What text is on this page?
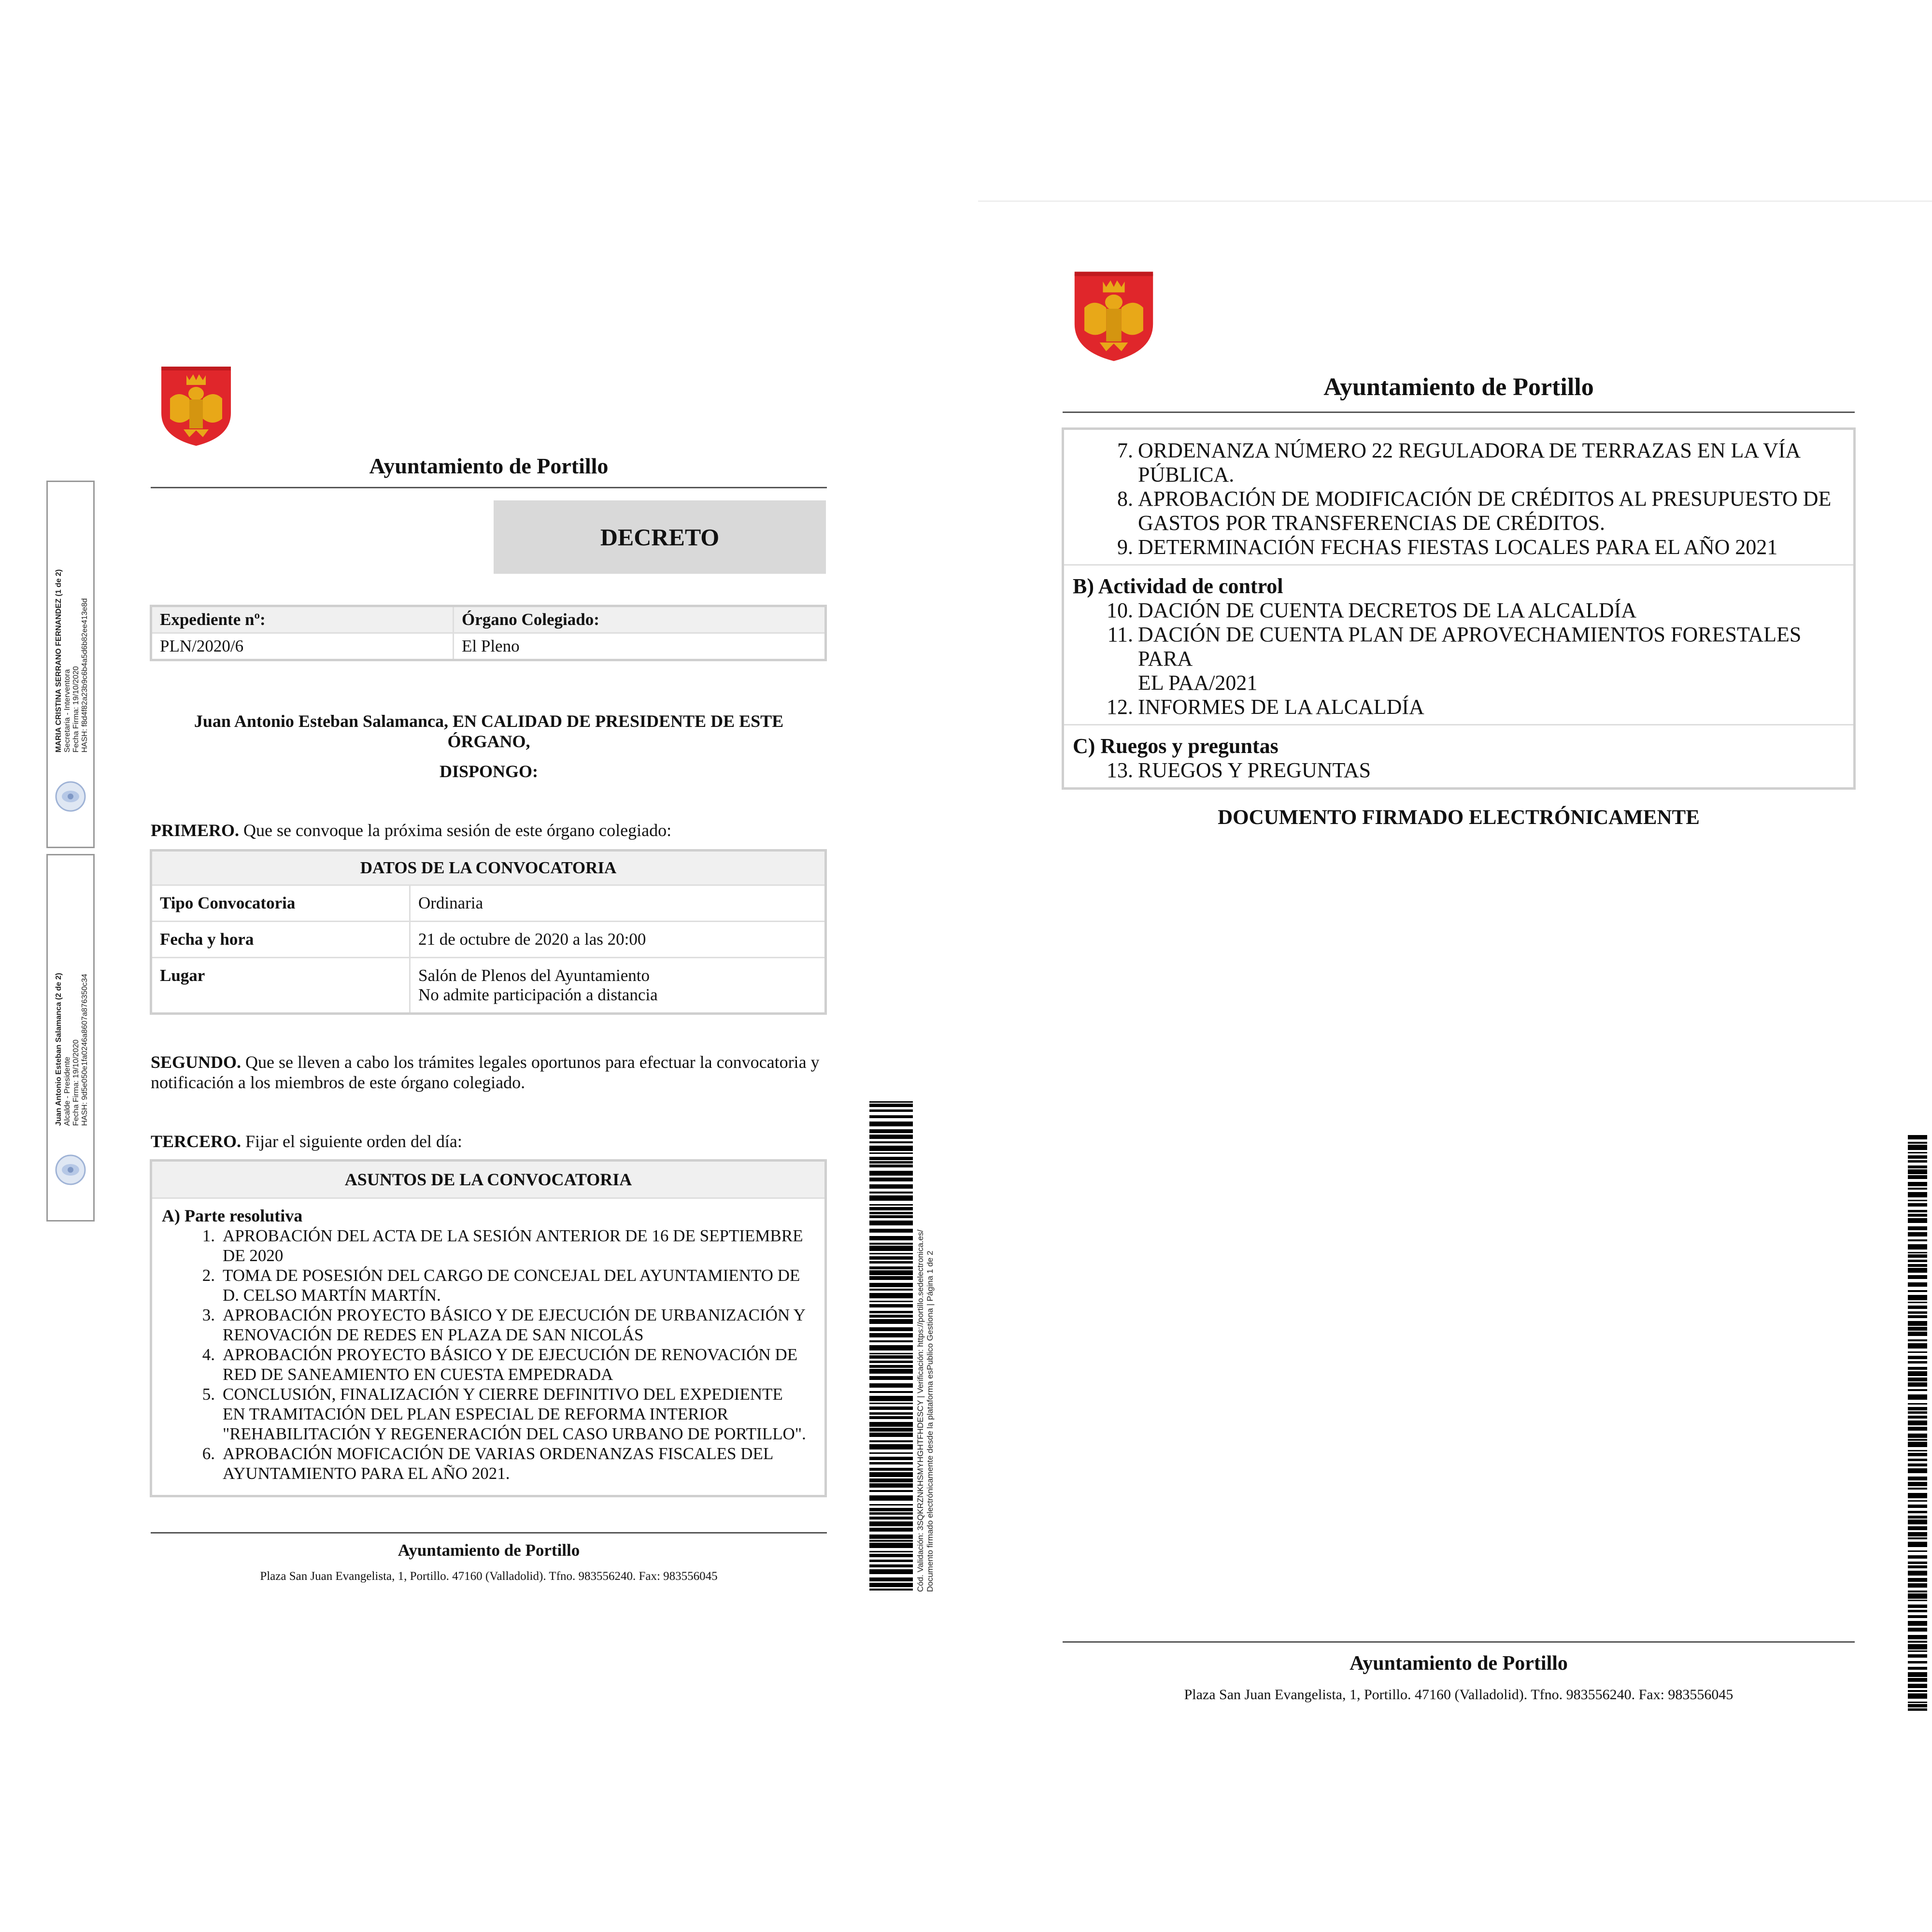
Ayuntamiento de Portillo
DECRETO
Expediente nº:	Órgano Colegiado:
PLN/2020/6	El Pleno
Juan Antonio Esteban Salamanca, EN CALIDAD DE PRESIDENTE DE ESTE
ÓRGANO,
DISPONGO:
PRIMERO. Que se convoque la próxima sesión de este órgano colegiado:
DATOS DE LA CONVOCATORIA	
Tipo Convocatoria	Ordinaria
Fecha y hora	21 de octubre de 2020 a las 20:00
Lugar	Salón de Plenos del Ayuntamiento
No admite participación a distancia
SEGUNDO. Que se lleven a cabo los trámites legales oportunos para efectuar la convocatoria y notificación a los miembros de este órgano colegiado.
TERCERO. Fijar el siguiente orden del día:
ASUNTOS DE LA CONVOCATORIA
A) Parte resolutiva
1. APROBACIÓN DEL ACTA DE LA SESIÓN ANTERIOR DE 16 DE SEPTIEMBRE
DE 2020
2. TOMA DE POSESIÓN DEL CARGO DE CONCEJAL DEL AYUNTAMIENTO DE
D. CELSO MARTÍN MARTÍN.
3. APROBACIÓN PROYECTO BÁSICO Y DE EJECUCIÓN DE URBANIZACIÓN Y
RENOVACIÓN DE REDES EN PLAZA DE SAN NICOLÁS
4. APROBACIÓN PROYECTO BÁSICO Y DE EJECUCIÓN DE RENOVACIÓN DE
RED DE SANEAMIENTO EN CUESTA EMPEDRADA
5. CONCLUSIÓN, FINALIZACIÓN Y CIERRE DEFINITIVO DEL EXPEDIENTE
EN TRAMITACIÓN DEL PLAN ESPECIAL DE REFORMA INTERIOR
"REHABILITACIÓN Y REGENERACIÓN DEL CASO URBANO DE PORTILLO".
6. APROBACIÓN MOFICACIÓN DE VARIAS ORDENANZAS FISCALES DEL
AYUNTAMIENTO PARA EL AÑO 2021.
Ayuntamiento de Portillo
Plaza San Juan Evangelista, 1, Portillo. 47160 (Valladolid). Tfno. 983556240. Fax: 983556045
MARIA CRISTINA SERRANO FERNANDEZ (1 de 2) Secretaria - Interventora Fecha Firma: 19/10/2020 HASH: f8d4f82a23b9c6b4a5d6b82ee413e8d
Juan Antonio Esteban Salamanca (2 de 2) Alcalde - Presidente Fecha Firma: 19/10/2020 HASH: 9d5e050e1fa0246a8607a876350c34
Cód. Validación: 3SQKRZNKHSMYHGHTFHDESCY | Verificación: https://portillo.sedelectronica.es/ Documento firmado electrónicamente desde la plataforma esPublico Gestiona | Página 1 de 2
Ayuntamiento de Portillo
7. ORDENANZA NÚMERO 22 REGULADORA DE TERRAZAS EN LA VÍA
PÚBLICA.
8. APROBACIÓN DE MODIFICACIÓN DE CRÉDITOS AL PRESUPUESTO DE
GASTOS POR TRANSFERENCIAS DE CRÉDITOS.
9. DETERMINACIÓN FECHAS FIESTAS LOCALES PARA EL AÑO 2021
B) Actividad de control
10. DACIÓN DE CUENTA DECRETOS DE LA ALCALDÍA
11. DACIÓN DE CUENTA PLAN DE APROVECHAMIENTOS FORESTALES PARA
EL PAA/2021
12. INFORMES DE LA ALCALDÍA
C) Ruegos y preguntas
13. RUEGOS Y PREGUNTAS
DOCUMENTO FIRMADO ELECTRÓNICAMENTE
Ayuntamiento de Portillo
Plaza San Juan Evangelista, 1, Portillo. 47160 (Valladolid). Tfno. 983556240. Fax: 983556045
